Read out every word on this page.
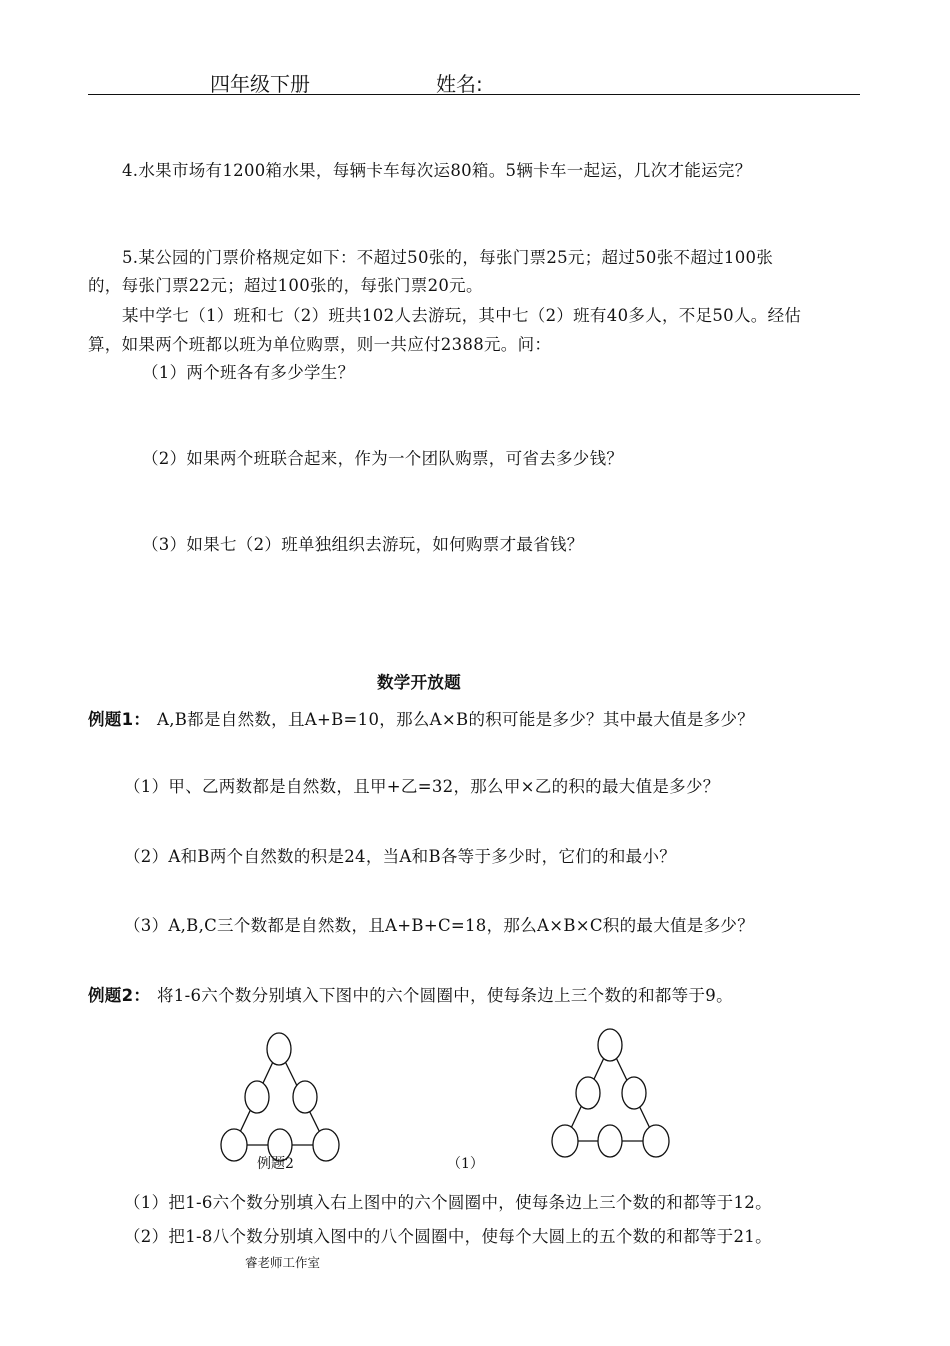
四年级下册	姓名:
4.水果市场有1200箱水果，每辆卡车每次运80箱。5辆卡车一起运，几次才能运完？
5.某公园的门票价格规定如下：不超过50张的，每张门票25元；超过50张不超过100张
的，每张门票22元；超过100张的，每张门票20元。
某中学七（1）班和七（2）班共102人去游玩，其中七（2）班有40多人，不足50人。经估
算，如果两个班都以班为单位购票，则一共应付2388元。问：
（1）两个班各有多少学生？
（2）如果两个班联合起来，作为一个团队购票，可省去多少钱？
（3）如果七（2）班单独组织去游玩，如何购票才最省钱？
数学开放题
例题1： A,B都是自然数，且A+B=10，那么A×B的积可能是多少？其中最大值是多少？
（1）甲、乙两数都是自然数，且甲+乙=32，那么甲×乙的积的最大值是多少？
（2）A和B两个自然数的积是24，当A和B各等于多少时，它们的和最小？
（3）A,B,C三个数都是自然数，且A+B+C=18，那么A×B×C积的最大值是多少？
例题2： 将1-6六个数分别填入下图中的六个圆圈中，使每条边上三个数的和都等于9。
例题2	（1）
（1）把1-6六个数分别填入右上图中的六个圆圈中，使每条边上三个数的和都等于12。
（2）把1-8八个数分别填入图中的八个圆圈中，使每个大圆上的五个数的和都等于21。
睿老师工作室
